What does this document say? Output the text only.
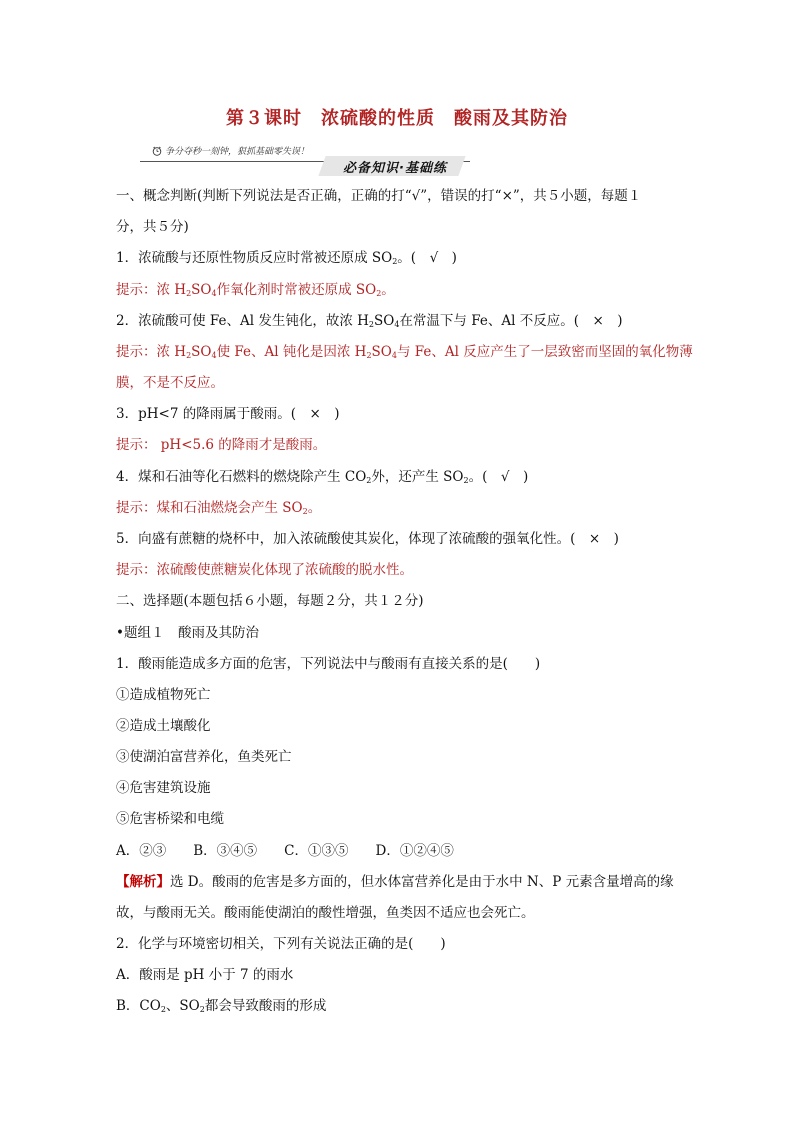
第３课时　浓硫酸的性质　酸雨及其防治
争分夺秒一刻钟，狠抓基础零失误！
必备知识·基础练
一、概念判断(判断下列说法是否正确，正确的打“√”，错误的打“×”，共５小题，每题１
分，共５分)
1．浓硫酸与还原性物质反应时常被还原成 $SO_2$。(　√　)
提示：浓 $H_2SO_4$作氧化剂时常被还原成 $SO_2$。
2．浓硫酸可使 Fe、Al 发生钝化，故浓 $H_2SO_4$在常温下与 Fe、Al 不反应。(　×　)
提示：浓 $H_2SO_4$使 Fe、Al 钝化是因浓 $H_2SO_4$与 Fe、Al 反应产生了一层致密而坚固的氧化物薄
膜，不是不反应。
3．pH<7 的降雨属于酸雨。(　×　)
提示： pH<5.6 的降雨才是酸雨。
4．煤和石油等化石燃料的燃烧除产生 $CO_2$外，还产生 $SO_2$。(　√　)
提示：煤和石油燃烧会产生 $SO_2$。
5．向盛有蔗糖的烧杯中，加入浓硫酸使其炭化，体现了浓硫酸的强氧化性。(　×　)
提示：浓硫酸使蔗糖炭化体现了浓硫酸的脱水性。
二、选择题(本题包括６小题，每题２分，共１２分)
•题组１　酸雨及其防治
1．酸雨能造成多方面的危害，下列说法中与酸雨有直接关系的是(　　)
①造成植物死亡
②造成土壤酸化
③使湖泊富营养化，鱼类死亡
④危害建筑设施
⑤危害桥梁和电缆
A．②③　　B．③④⑤　　C．①③⑤　　D．①②④⑤
【解析】选 D。酸雨的危害是多方面的，但水体富营养化是由于水中 N、P 元素含量增高的缘
故，与酸雨无关。酸雨能使湖泊的酸性增强，鱼类因不适应也会死亡。
2．化学与环境密切相关，下列有关说法正确的是(　　)
A．酸雨是 pH 小于 7 的雨水
B．$CO_2$、$SO_2$都会导致酸雨的形成
